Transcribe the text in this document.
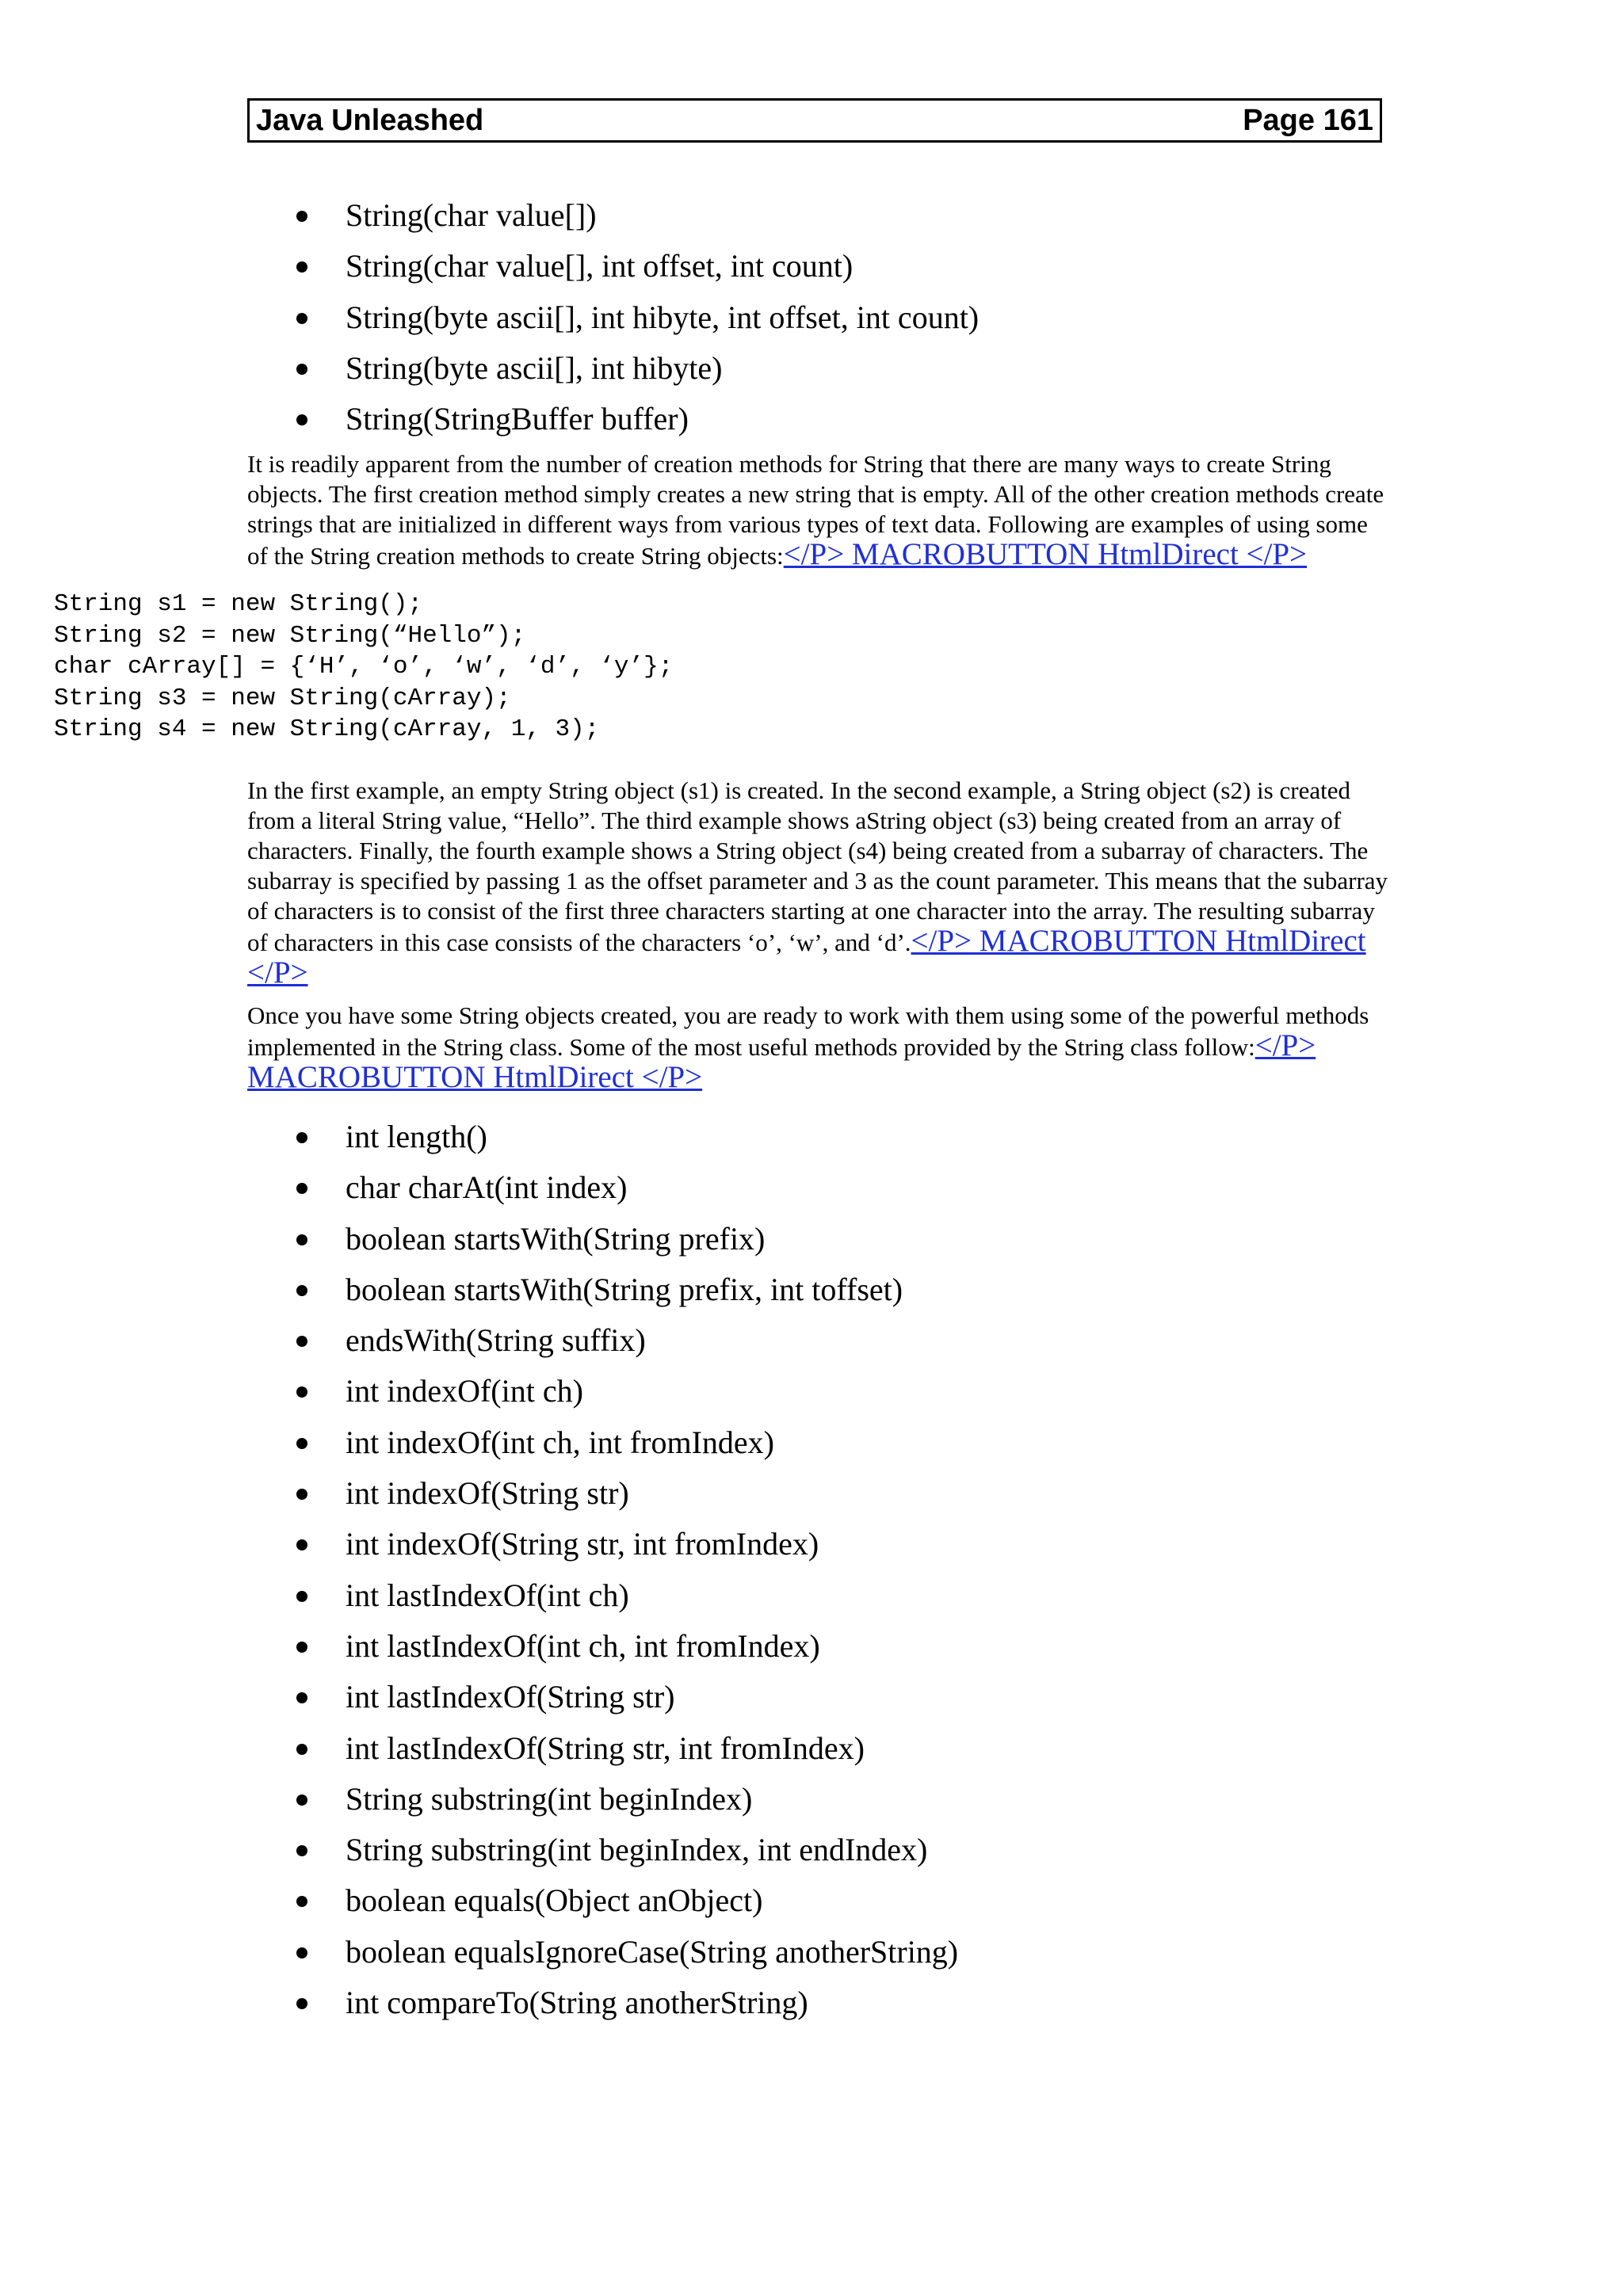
Java Unleashed	Page 161
String(char value[])
String(char value[], int offset, int count)
String(byte ascii[], int hibyte, int offset, int count)
String(byte ascii[], int hibyte)
String(StringBuffer buffer)

It is readily apparent from the number of creation methods for String that there are many ways to create String objects. The first creation method simply creates a new string that is empty. All of the other creation methods create strings that are initialized in different ways from various types of text data. Following are examples of using some of the String creation methods to create String objects:</P> MACROBUTTON HtmlDirect </P>

String s1 = new String();
String s2 = new String(“Hello”);
char cArray[] = {‘H’, ‘o’, ‘w’, ‘d’, ‘y’};
String s3 = new String(cArray);
String s4 = new String(cArray, 1, 3);

In the first example, an empty String object (s1) is created. In the second example, a String object (s2) is created from a literal String value, “Hello”. The third example shows aString object (s3) being created from an array of characters. Finally, the fourth example shows a String object (s4) being created from a subarray of characters. The subarray is specified by passing 1 as the offset parameter and 3 as the count parameter. This means that the subarray of characters is to consist of the first three characters starting at one character into the array. The resulting subarray of characters in this case consists of the characters ‘o’, ‘w’, and ‘d’.</P> MACROBUTTON HtmlDirect </P>

Once you have some String objects created, you are ready to work with them using some of the powerful methods implemented in the String class. Some of the most useful methods provided by the String class follow:</P> MACROBUTTON HtmlDirect </P>

int length()
char charAt(int index)
boolean startsWith(String prefix)
boolean startsWith(String prefix, int toffset)
endsWith(String suffix)
int indexOf(int ch)
int indexOf(int ch, int fromIndex)
int indexOf(String str)
int indexOf(String str, int fromIndex)
int lastIndexOf(int ch)
int lastIndexOf(int ch, int fromIndex)
int lastIndexOf(String str)
int lastIndexOf(String str, int fromIndex)
String substring(int beginIndex)
String substring(int beginIndex, int endIndex)
boolean equals(Object anObject)
boolean equalsIgnoreCase(String anotherString)
int compareTo(String anotherString)
